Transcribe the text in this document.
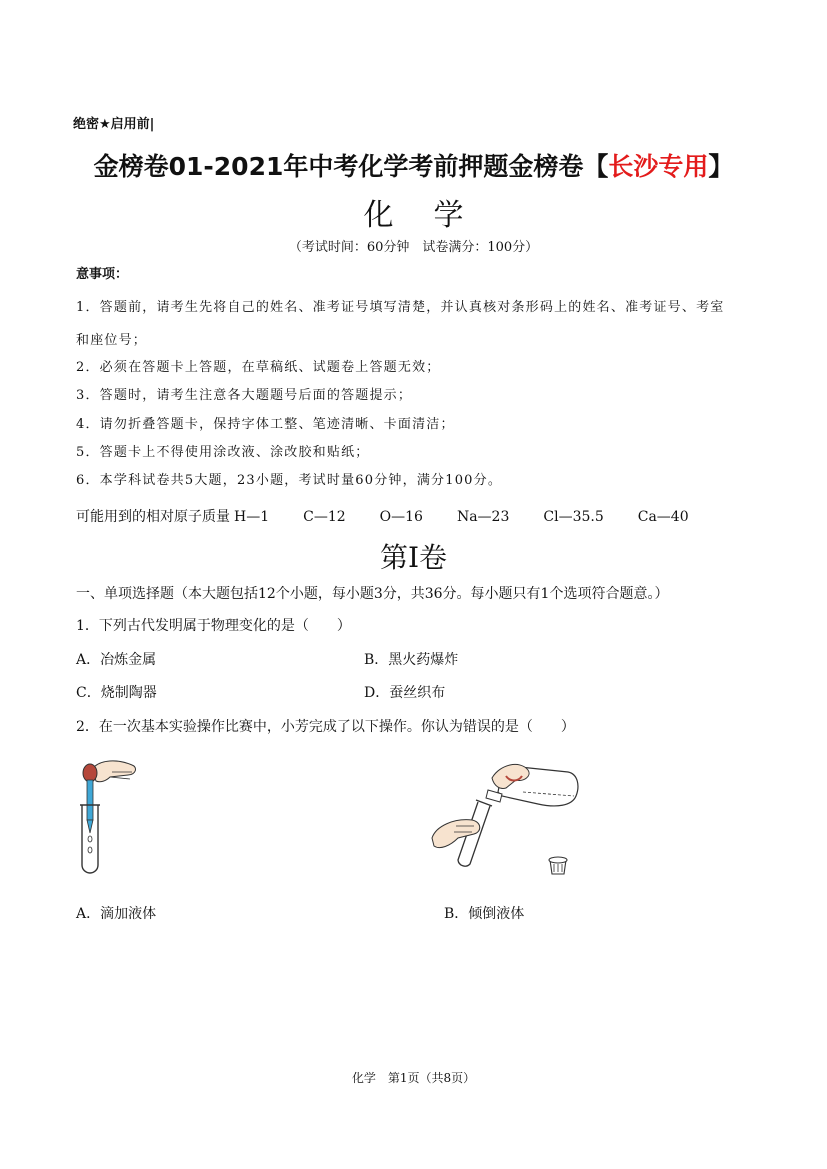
绝密★启用前|
金榜卷01-2021年中考化学考前押题金榜卷【长沙专用】
化学
（考试时间：60分钟　试卷满分：100分）
意事项：
1．答题前，请考生先将自己的姓名、准考证号填写清楚，并认真核对条形码上的姓名、准考证号、考室
和座位号；
2．必须在答题卡上答题，在草稿纸、试题卷上答题无效；
3．答题时，请考生注意各大题题号后面的答题提示；
4．请勿折叠答题卡，保持字体工整、笔迹清晰、卡面清洁；
5．答题卡上不得使用涂改液、涂改胶和贴纸；
6．本学科试卷共5大题，23小题，考试时量60分钟，满分100分。
可能用到的相对原子质量 H—1 C—12 O—16 Na—23 Cl—35.5 Ca—40
第I卷
一、单项选择题（本大题包括12个小题，每小题3分，共36分。每小题只有1个选项符合题意。）
1．下列古代发明属于物理变化的是（　　）
A．冶炼金属	B．黑火药爆炸
C．烧制陶器	D．蚕丝织布
2．在一次基本实验操作比赛中，小芳完成了以下操作。你认为错误的是（　　）
A．滴加液体	B．倾倒液体
化学　第1页（共8页）
